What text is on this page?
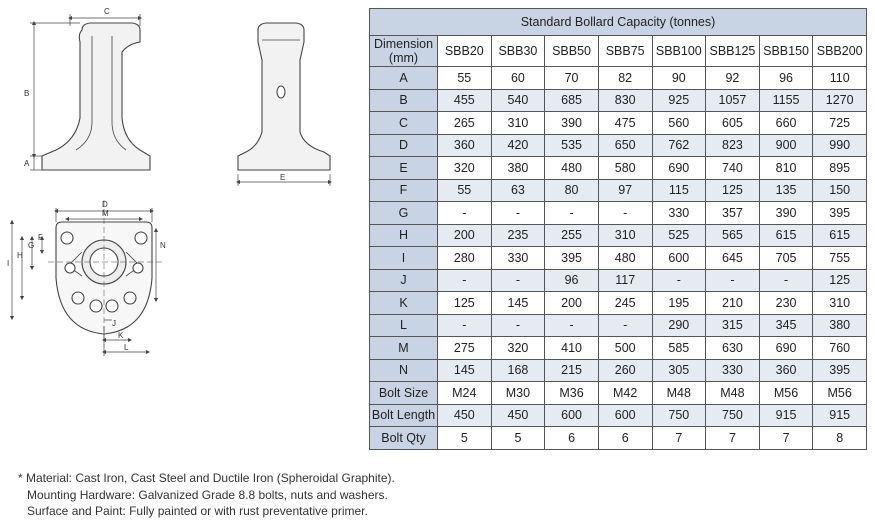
C
B
A
E
D
M
N
F
G
H
I
J
K
L
Standard Bollard Capacity (tonnes)								
Dimension (mm)	SBB20	SBB30	SBB50	SBB75	SBB100	SBB125	SBB150	SBB200
A	55	60	70	82	90	92	96	110
B	455	540	685	830	925	1057	1155	1270
C	265	310	390	475	560	605	660	725
D	360	420	535	650	762	823	900	990
E	320	380	480	580	690	740	810	895
F	55	63	80	97	115	125	135	150
G	-	-	-	-	330	357	390	395
H	200	235	255	310	525	565	615	615
I	280	330	395	480	600	645	705	755
J	-	-	96	117	-	-	-	125
K	125	145	200	245	195	210	230	310
L	-	-	-	-	290	315	345	380
M	275	320	410	500	585	630	690	760
N	145	168	215	260	305	330	360	395
Bolt Size	M24	M30	M36	M42	M48	M48	M56	M56
Bolt Length	450	450	600	600	750	750	915	915
Bolt Qty	5	5	6	6	7	7	7	8
* Material: Cast Iron, Cast Steel and Ductile Iron (Spheroidal Graphite).
Mounting Hardware: Galvanized Grade 8.8 bolts, nuts and washers.
Surface and Paint: Fully painted or with rust preventative primer.
